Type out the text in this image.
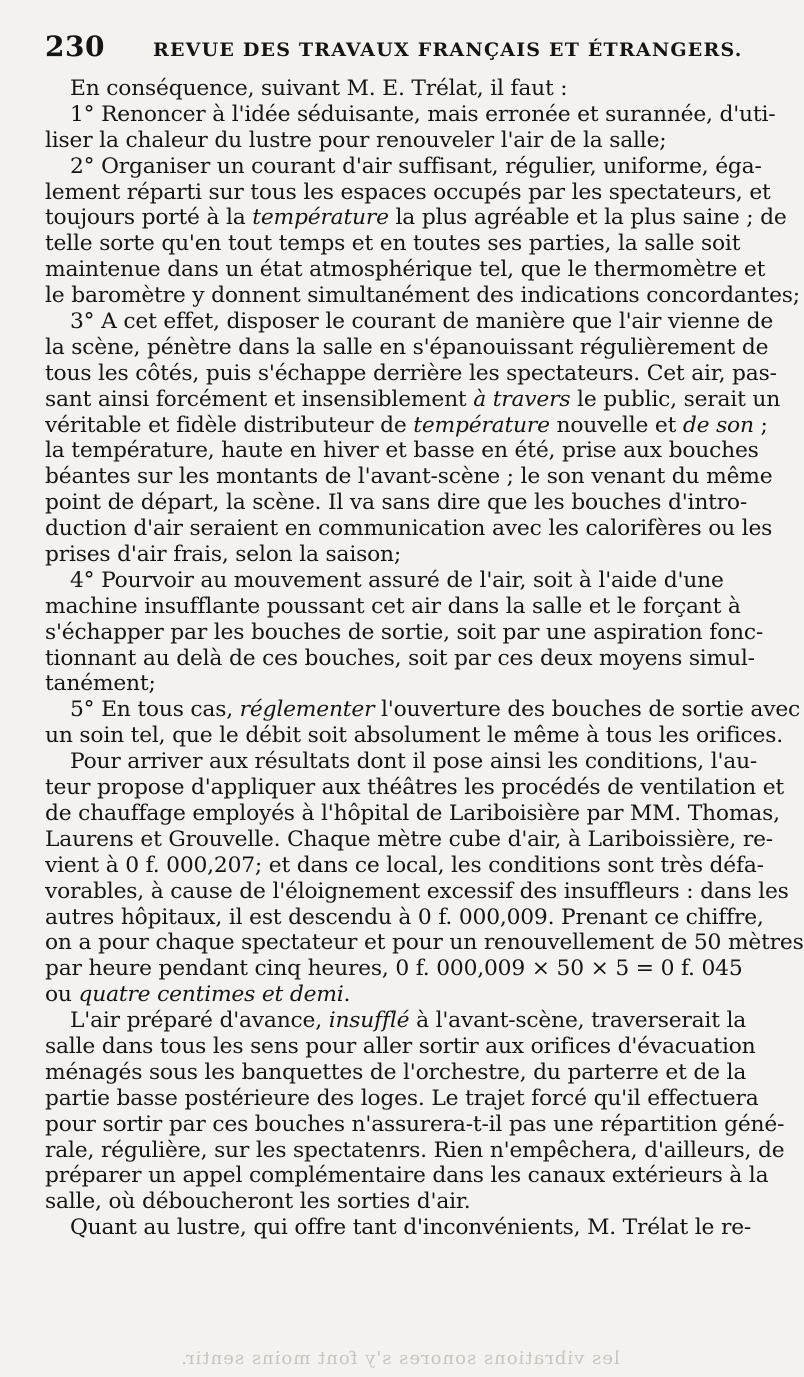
230	REVUE DES TRAVAUX FRANÇAIS ET ÉTRANGERS.
En conséquence, suivant M. E. Trélat, il faut :
1° Renoncer à l'idée séduisante, mais erronée et surannée, d'uti-
liser la chaleur du lustre pour renouveler l'air de la salle;
2° Organiser un courant d'air suffisant, régulier, uniforme, éga-
lement réparti sur tous les espaces occupés par les spectateurs, et
toujours porté à la température la plus agréable et la plus saine ; de
telle sorte qu'en tout temps et en toutes ses parties, la salle soit
maintenue dans un état atmosphérique tel, que le thermomètre et
le baromètre y donnent simultanément des indications concordantes;
3° A cet effet, disposer le courant de manière que l'air vienne de
la scène, pénètre dans la salle en s'épanouissant régulièrement de
tous les côtés, puis s'échappe derrière les spectateurs. Cet air, pas-
sant ainsi forcément et insensiblement à travers le public, serait un
véritable et fidèle distributeur de température nouvelle et de son ;
la température, haute en hiver et basse en été, prise aux bouches
béantes sur les montants de l'avant-scène ; le son venant du même
point de départ, la scène. Il va sans dire que les bouches d'intro-
duction d'air seraient en communication avec les calorifères ou les
prises d'air frais, selon la saison;
4° Pourvoir au mouvement assuré de l'air, soit à l'aide d'une
machine insufflante poussant cet air dans la salle et le forçant à
s'échapper par les bouches de sortie, soit par une aspiration fonc-
tionnant au delà de ces bouches, soit par ces deux moyens simul-
tanément;
5° En tous cas, réglementer l'ouverture des bouches de sortie avec
un soin tel, que le débit soit absolument le même à tous les orifices.
Pour arriver aux résultats dont il pose ainsi les conditions, l'au-
teur propose d'appliquer aux théâtres les procédés de ventilation et
de chauffage employés à l'hôpital de Lariboisière par MM. Thomas,
Laurens et Grouvelle. Chaque mètre cube d'air, à Lariboissière, re-
vient à 0 f. 000,207; et dans ce local, les conditions sont très défa-
vorables, à cause de l'éloignement excessif des insuffleurs : dans les
autres hôpitaux, il est descendu à 0 f. 000,009. Prenant ce chiffre,
on a pour chaque spectateur et pour un renouvellement de 50 mètres
par heure pendant cinq heures, 0 f. 000,009 × 50 × 5 = 0 f. 045
ou quatre centimes et demi.
L'air préparé d'avance, insufflé à l'avant-scène, traverserait la
salle dans tous les sens pour aller sortir aux orifices d'évacuation
ménagés sous les banquettes de l'orchestre, du parterre et de la
partie basse postérieure des loges. Le trajet forcé qu'il effectuera
pour sortir par ces bouches n'assurera-t-il pas une répartition géné-
rale, régulière, sur les spectatenrs. Rien n'empêchera, d'ailleurs, de
préparer un appel complémentaire dans les canaux extérieurs à la
salle, où déboucheront les sorties d'air.
Quant au lustre, qui offre tant d'inconvénients, M. Trélat le re-
les vibrations sonores s'y font moins sentir.
